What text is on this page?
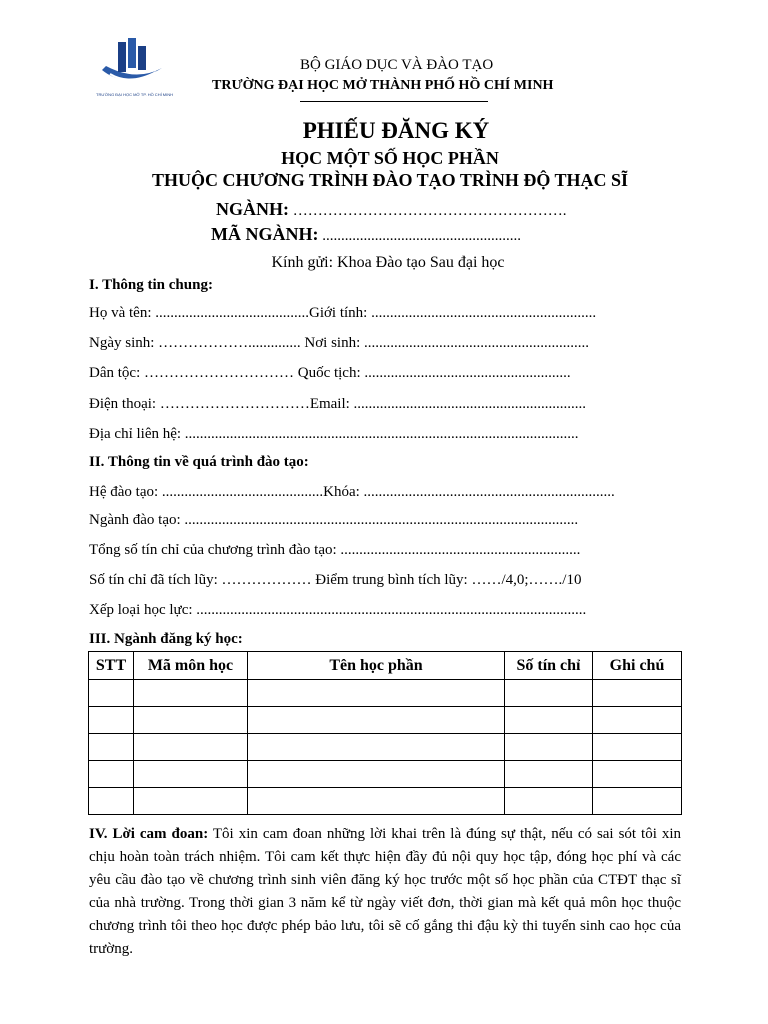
TRƯỜNG ĐẠI HỌC MỞ TP. HỒ CHÍ MINH
BỘ GIÁO DỤC VÀ ĐÀO TẠO
TRƯỜNG ĐẠI HỌC MỞ THÀNH PHỐ HỒ CHÍ MINH
PHIẾU ĐĂNG KÝ
HỌC MỘT SỐ HỌC PHẦN
THUỘC CHƯƠNG TRÌNH ĐÀO TẠO TRÌNH ĐỘ THẠC SĨ
NGÀNH: ……………………………………………….
MÃ NGÀNH: .....................................................
Kính gửi: Khoa Đào tạo Sau đại học
I. Thông tin chung:
Họ và tên: .........................................Giới tính: ............................................................
Ngày sinh: ……………….............. Nơi sinh: ............................................................
Dân tộc: ………………………… Quốc tịch: .......................................................
Điện thoại: …………………………Email: ..............................................................
Địa chỉ liên hệ: .........................................................................................................
II. Thông tin về quá trình đào tạo:
Hệ đào tạo: ...........................................Khóa: ...................................................................
Ngành đào tạo: .........................................................................................................
Tổng số tín chỉ của chương trình đào tạo: ................................................................
Số tín chỉ đã tích lũy: ……………… Điểm trung bình tích lũy: ……/4,0;……./10
Xếp loại học lực: ........................................................................................................
III. Ngành đăng ký học:
STT	Mã môn học	Tên học phần	Số tín chỉ	Ghi chú

IV. Lời cam đoan: Tôi xin cam đoan những lời khai trên là đúng sự thật, nếu có sai sót tôi xin chịu hoàn toàn trách nhiệm. Tôi cam kết thực hiện đầy đủ nội quy học tập, đóng học phí và các yêu cầu đào tạo về chương trình sinh viên đăng ký học trước một số học phần của CTĐT thạc sĩ của nhà trường. Trong thời gian 3 năm kể từ ngày viết đơn, thời gian mà kết quả môn học thuộc chương trình tôi theo học được phép bảo lưu, tôi sẽ cố gắng thi đậu kỳ thi tuyển sinh cao học của trường.
